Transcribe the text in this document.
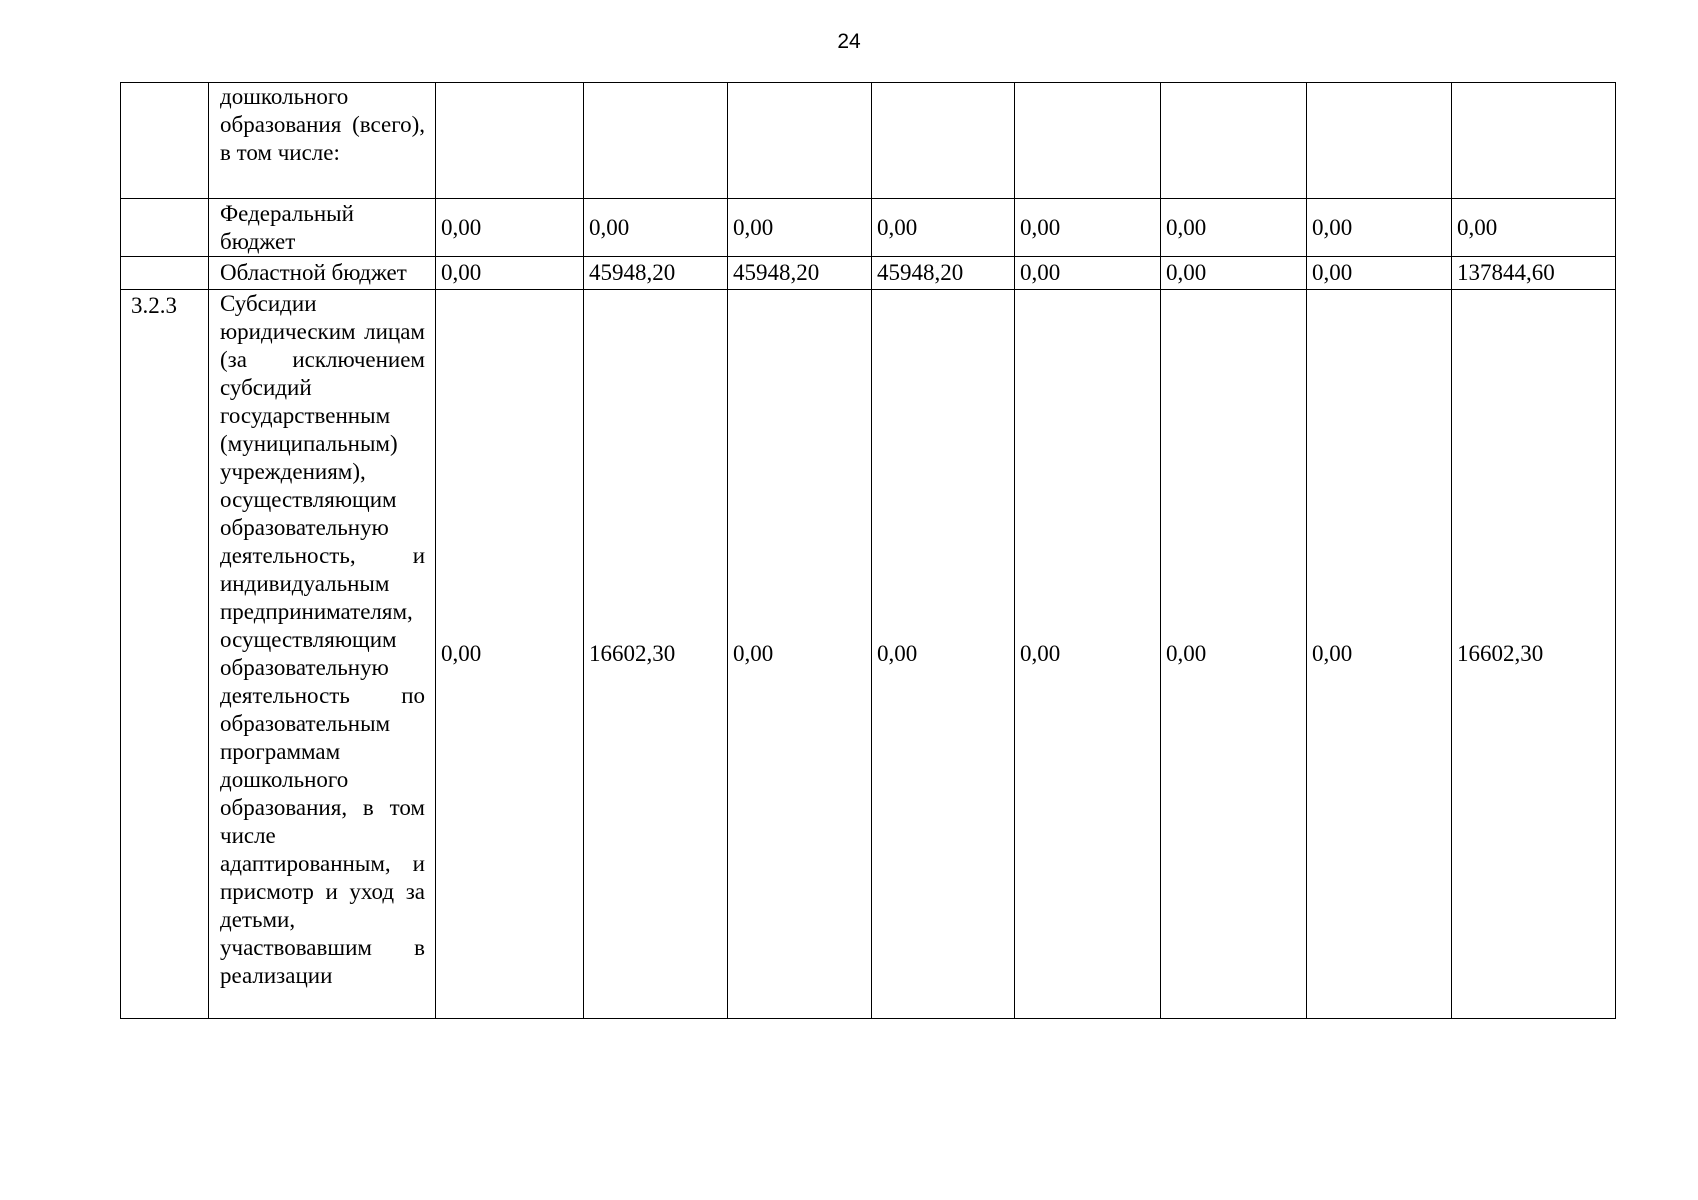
24
	дошкольного образования (всего), в том числе:								
	Федеральный бюджет	0,00	0,00	0,00	0,00	0,00	0,00	0,00	0,00
	Областной бюджет	0,00	45948,20	45948,20	45948,20	0,00	0,00	0,00	137844,60
3.2.3	Субсидии юридическим лицам (за исключением субсидий государственным (муниципальным) учреждениям), осуществляющим образовательную деятельность, и индивидуальным предпринимателям, осуществляющим образовательную деятельность по образовательным программам дошкольного образования, в том числе адаптированным, и присмотр и уход за детьми, участвовавшим в реализации	0,00	16602,30	0,00	0,00	0,00	0,00	0,00	16602,30
